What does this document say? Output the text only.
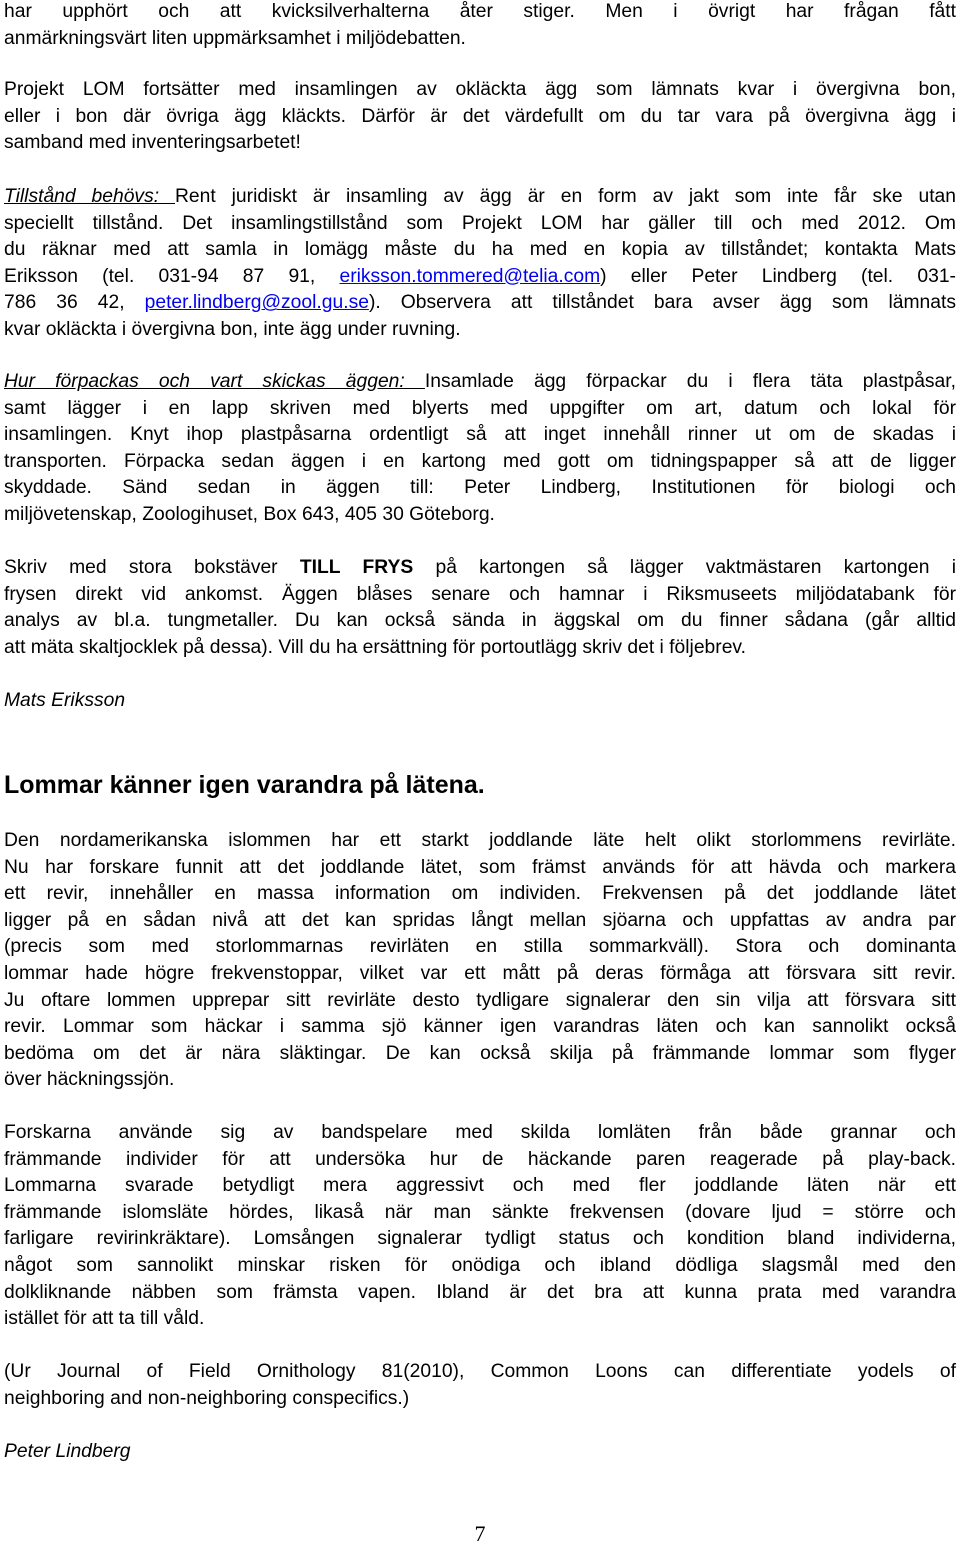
har upphört och att kvicksilverhalterna åter stiger. Men i övrigt har frågan fått
anmärkningsvärt liten uppmärksamhet i miljödebatten.

Projekt LOM fortsätter med insamlingen av okläckta ägg som lämnats kvar i övergivna bon,
eller i bon där övriga ägg kläckts. Därför är det värdefullt om du tar vara på övergivna ägg i
samband med inventeringsarbetet!

Tillstånd behövs: Rent juridiskt är insamling av ägg är en form av jakt som inte får ske utan
speciellt tillstånd. Det insamlingstillstånd som Projekt LOM har gäller till och med 2012. Om
du räknar med att samla in lomägg måste du ha med en kopia av tillståndet; kontakta Mats
Eriksson (tel. 031-94 87 91, eriksson.tommered@telia.com) eller Peter Lindberg (tel. 031-
786 36 42, peter.lindberg@zool.gu.se). Observera att tillståndet bara avser ägg som lämnats
kvar okläckta i övergivna bon, inte ägg under ruvning.

Hur förpackas och vart skickas äggen: Insamlade ägg förpackar du i flera täta plastpåsar,
samt lägger i en lapp skriven med blyerts med uppgifter om art, datum och lokal för
insamlingen. Knyt ihop plastpåsarna ordentligt så att inget innehåll rinner ut om de skadas i
transporten. Förpacka sedan äggen i en kartong med gott om tidningspapper så att de ligger
skyddade. Sänd sedan in äggen till: Peter Lindberg, Institutionen för biologi och
miljövetenskap, Zoologihuset, Box 643, 405 30 Göteborg.

Skriv med stora bokstäver TILL FRYS på kartongen så lägger vaktmästaren kartongen i
frysen direkt vid ankomst. Äggen blåses senare och hamnar i Riksmuseets miljödatabank för
analys av bl.a. tungmetaller. Du kan också sända in äggskal om du finner sådana (går alltid
att mäta skaltjocklek på dessa). Vill du ha ersättning för portoutlägg skriv det i följebrev.

Mats Eriksson

Lommar känner igen varandra på lätena.

Den nordamerikanska islommen har ett starkt joddlande läte helt olikt storlommens revirläte.
Nu har forskare funnit att det joddlande lätet, som främst används för att hävda och markera
ett revir, innehåller en massa information om individen. Frekvensen på det joddlande lätet
ligger på en sådan nivå att det kan spridas långt mellan sjöarna och uppfattas av andra par
(precis som med storlommarnas revirläten en stilla sommarkväll). Stora och dominanta
lommar hade högre frekvenstoppar, vilket var ett mått på deras förmåga att försvara sitt revir.
Ju oftare lommen upprepar sitt revirläte desto tydligare signalerar den sin vilja att försvara sitt
revir. Lommar som häckar i samma sjö känner igen varandras läten och kan sannolikt också
bedöma om det är nära släktingar. De kan också skilja på främmande lommar som flyger
över häckningssjön.

Forskarna använde sig av bandspelare med skilda lomläten från både grannar och
främmande individer för att undersöka hur de häckande paren reagerade på play-back.
Lommarna svarade betydligt mera aggressivt och med fler joddlande läten när ett
främmande islomsläte hördes, likaså när man sänkte frekvensen (dovare ljud = större och
farligare revirinkräktare). Lomsången signalerar tydligt status och kondition bland individerna,
något som sannolikt minskar risken för onödiga och ibland dödliga slagsmål med den
dolkliknande näbben som främsta vapen. Ibland är det bra att kunna prata med varandra
istället för att ta till våld.

(Ur Journal of Field Ornithology 81(2010), Common Loons can differentiate yodels of
neighboring and non-neighboring conspecifics.)

Peter Lindberg

7
